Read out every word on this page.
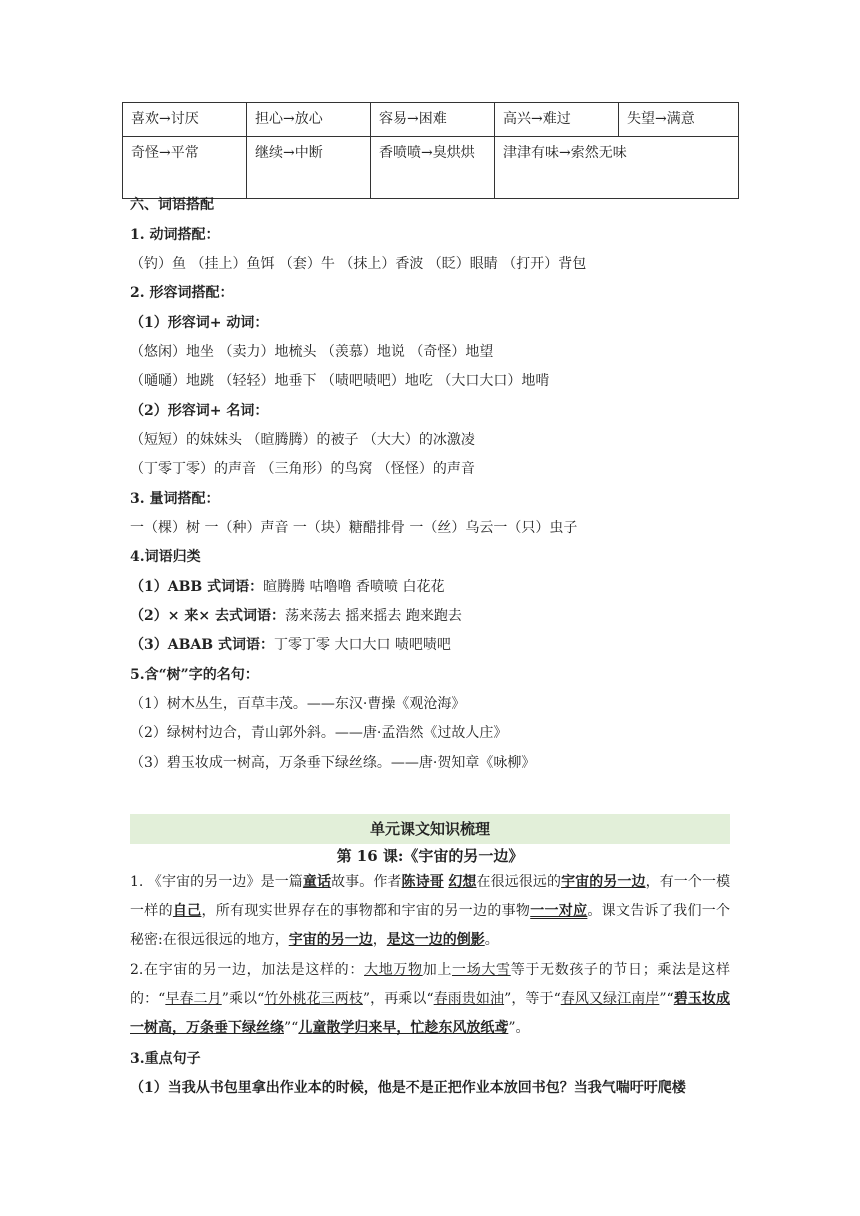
喜欢→讨厌	担心→放心	容易→困难	高兴→难过	失望→满意
奇怪→平常	继续→中断	香喷喷→臭烘烘	津津有味→索然无味	
六、词语搭配
1. 动词搭配：
（钓）鱼 （挂上）鱼饵 （套）牛 （抹上）香波 （眨）眼睛 （打开）背包
2. 形容词搭配：
（1）形容词+ 动词：
（悠闲）地坐 （卖力）地梳头 （羡慕）地说 （奇怪）地望
（嗵嗵）地跳 （轻轻）地垂下 （啧吧啧吧）地吃 （大口大口）地啃
（2）形容词+ 名词：
（短短）的妹妹头 （暄腾腾）的被子 （大大）的冰激凌
（丁零丁零）的声音 （三角形）的鸟窝 （怪怪）的声音
3. 量词搭配：
一（棵）树 一（种）声音 一（块）糖醋排骨 一（丝）乌云一（只）虫子
4.词语归类
（1）ABB 式词语：暄腾腾 咕噜噜 香喷喷 白花花
（2）× 来× 去式词语：荡来荡去 摇来摇去 跑来跑去
（3）ABAB 式词语：丁零丁零 大口大口 啧吧啧吧
5.含“树”字的名句：
（1）树木丛生，百草丰茂。——东汉·曹操《观沧海》
（2）绿树村边合，青山郭外斜。——唐·孟浩然《过故人庄》
（3）碧玉妆成一树高，万条垂下绿丝绦。——唐·贺知章《咏柳》
单元课文知识梳理
第 16 课:《宇宙的另一边》
1. 《宇宙的另一边》是一篇童话故事。作者陈诗哥 幻想在很远很远的宇宙的另一边，有一个一模一样的自己，所有现实世界存在的事物都和宇宙的另一边的事物一一对应。课文告诉了我们一个秘密:在很远很远的地方，宇宙的另一边，是这一边的倒影。
2.在宇宙的另一边，加法是这样的：大地万物加上一场大雪等于无数孩子的节日；乘法是这样的：“早春二月”乘以“竹外桃花三两枝”，再乘以“春雨贵如油”，等于“春风又绿江南岸”“碧玉妆成一树高，万条垂下绿丝绦”“儿童散学归来早，忙趁东风放纸鸢”。
3.重点句子
（1）当我从书包里拿出作业本的时候，他是不是正把作业本放回书包？当我气喘吁吁爬楼
